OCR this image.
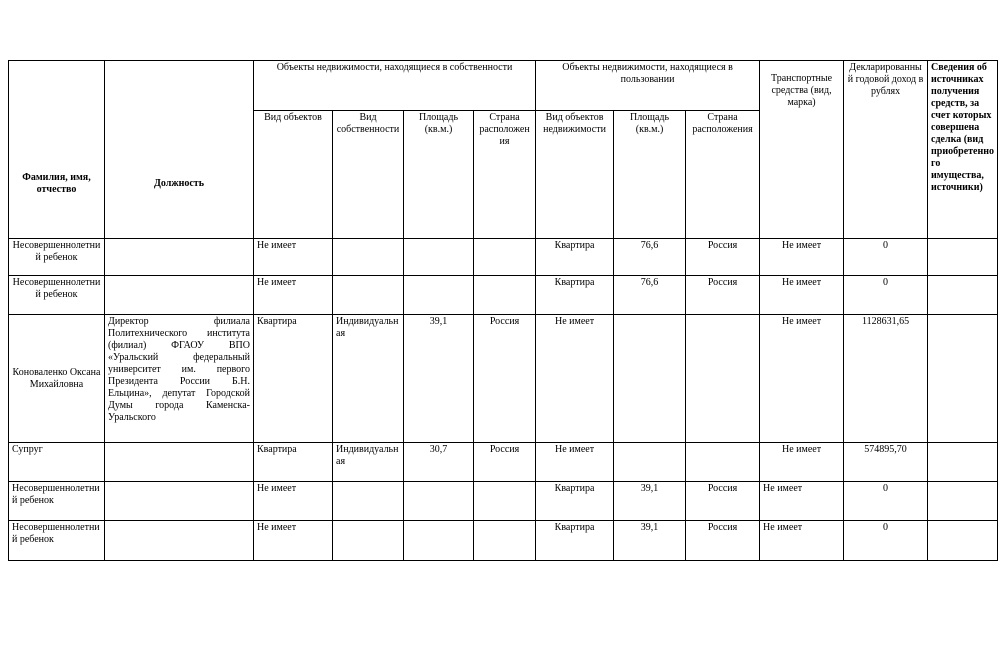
Фамилия, имя, отчество	Должность	Объекты недвижимости, находящиеся в собственности				Объекты недвижимости, находящиеся в пользовании			Транспортные средства (вид, марка)	Декларированный годовой доход в рублях	Сведения об источниках получения средств, за счет которых совершена сделка (вид приобретенного имущества, источники)
		Вид объектов	Вид собственности	Площадь (кв.м.)	Страна расположения	Вид объектов недвижимости	Площадь (кв.м.)	Страна расположения			
Несовершеннолетний ребенок		Не имеет				Квартира	76,6	Россия	Не имеет	0	
Несовершеннолетний ребенок		Не имеет				Квартира	76,6	Россия	Не имеет	0	
Коноваленко Оксана Михайловна	Директор филиала Политехнического института (филиал) ФГАОУ ВПО «Уральский федеральный университет им. первого Президента России Б.Н. Ельцина», депутат Городской Думы города Каменска-Уральского	Квартира	Индивидуальная	39,1	Россия	Не имеет			Не имеет	1128631,65	
Супруг		Квартира	Индивидуальная	30,7	Россия	Не имеет			Не имеет	574895,70	
Несовершеннолетний ребенок		Не имеет				Квартира	39,1	Россия	Не имеет	0	
Несовершеннолетний ребенок		Не имеет				Квартира	39,1	Россия	Не имеет	0	
